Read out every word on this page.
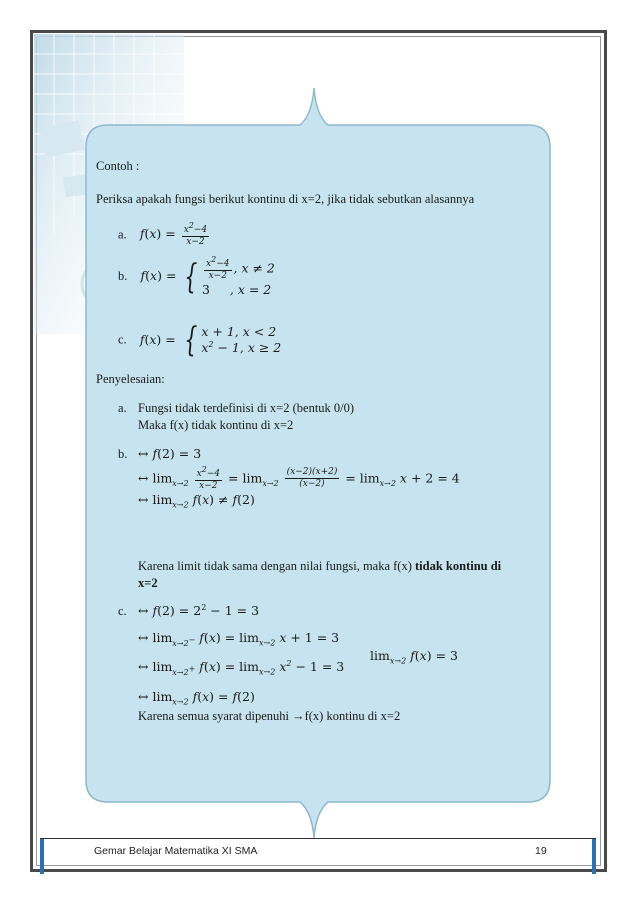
Contoh :
Periksa apakah fungsi berikut kontinu di x=2, jika tidak sebutkan alasannya
a. $f(x) = \frac{x^2-4}{x-2}$
b. f(x) = { $\frac{x^2-4}{x-2}$ , x ≠ 2
3     , x = 2
c. f(x) = { x + 1, x < 2
$x^2 - 1$, x ≥ 2
Penyelesaian:
a. Fungsi tidak terdefinisi di x=2 (bentuk 0/0)
Maka f(x) tidak kontinu di x=2
b. ↔ f(2) = 3
↔ $\lim_{x\to 2} \frac{x^2-4}{x-2} = \lim_{x\to 2} \frac{(x-2)(x+2)}{(x-2)} = \lim_{x\to 2} x + 2 = 4$
↔ $\lim_{x\to 2} f(x) \ne f(2)$
Karena limit tidak sama dengan nilai fungsi, maka f(x) tidak kontinu di
x=2
c. ↔ $f(2) = 2^2 - 1 = 3$
↔ $\lim_{x\to 2^-} f(x) = \lim_{x\to 2} x + 1 = 3$
↔ $\lim_{x\to 2^+} f(x) = \lim_{x\to 2} x^2 - 1 = 3$
↔ $\lim_{x\to 2} f(x) = f(2)$
Karena semua syarat dipenuhi →f(x) kontinu di x=2
$\lim_{x\to 2} f(x) = 3$
Gemar Belajar Matematika XI SMA	19
